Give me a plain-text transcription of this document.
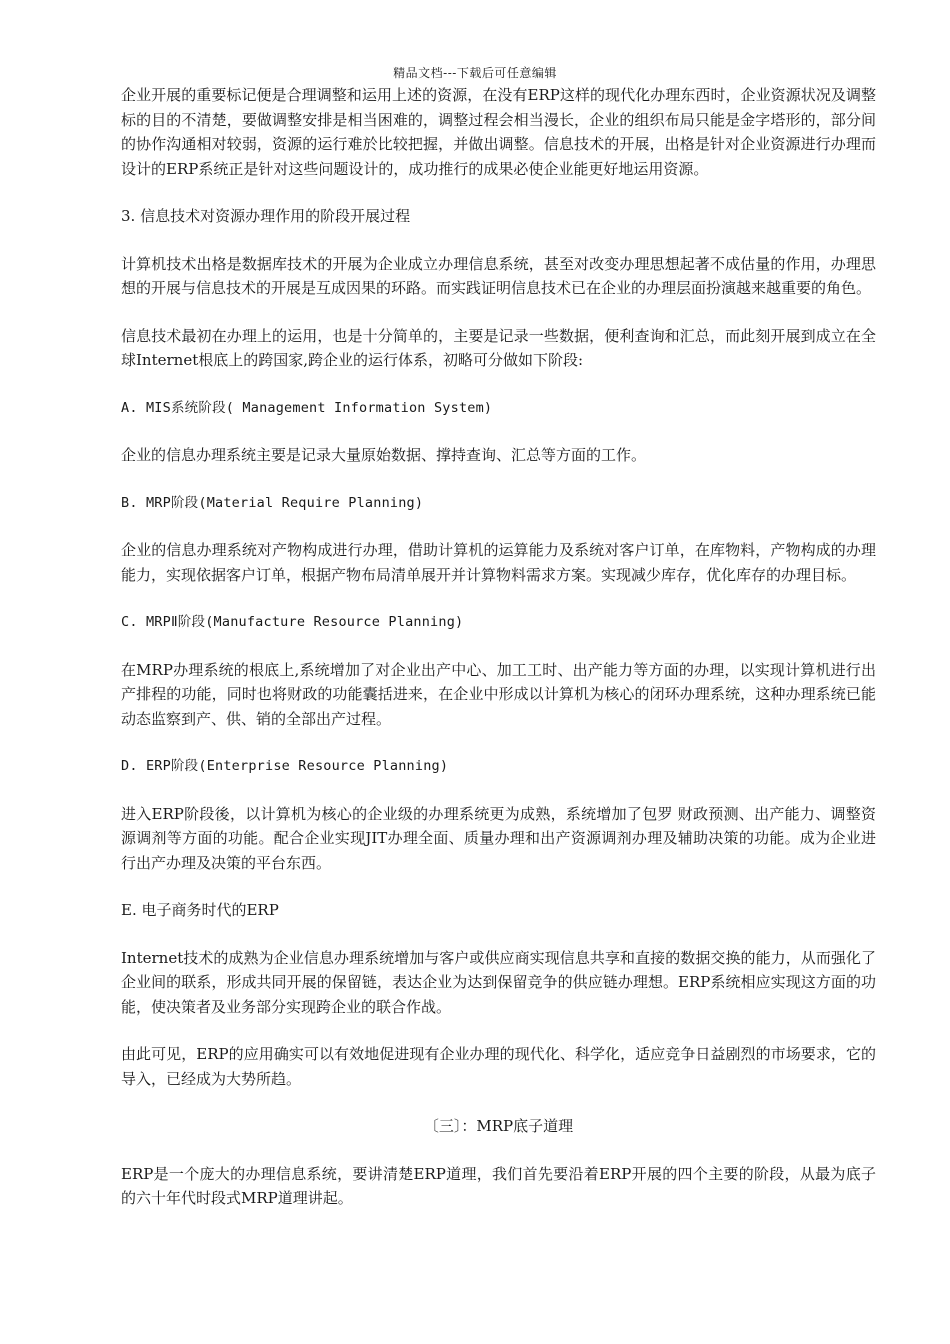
精品文档---下载后可任意编辑

企业开展的重要标记便是合理调整和运用上述的资源，在没有ERP这样的现代化办理东西时，企业资源状况及调整标的目的不清楚，要做调整安排是相当困难的，调整过程会相当漫长，企业的组织布局只能是金字塔形的，部分间的协作沟通相对较弱，资源的运行难於比较把握，并做出调整。信息技术的开展，出格是针对企业资源进行办理而设计的ERP系统正是针对这些问题设计的，成功推行的成果必使企业能更好地运用资源。

3. 信息技术对资源办理作用的阶段开展过程

计算机技术出格是数据库技术的开展为企业成立办理信息系统，甚至对改变办理思想起著不成估量的作用，办理思想的开展与信息技术的开展是互成因果的环路。而实践证明信息技术已在企业的办理层面扮演越来越重要的角色。

信息技术最初在办理上的运用，也是十分简单的，主要是记录一些数据，便利查询和汇总，而此刻开展到成立在全球Internet根底上的跨国家,跨企业的运行体系，初略可分做如下阶段:

A. MIS系统阶段( Management Information System)

企业的信息办理系统主要是记录大量原始数据、撑持查询、汇总等方面的工作。

B. MRP阶段(Material Require Planning)

企业的信息办理系统对产物构成进行办理，借助计算机的运算能力及系统对客户订单，在库物料，产物构成的办理能力，实现依据客户订单，根据产物布局清单展开并计算物料需求方案。实现减少库存，优化库存的办理目标。

C. MRPⅡ阶段(Manufacture Resource Planning)

在MRP办理系统的根底上,系统增加了对企业出产中心、加工工时、出产能力等方面的办理，以实现计算机进行出产排程的功能，同时也将财政的功能囊括进来，在企业中形成以计算机为核心的闭环办理系统，这种办理系统已能动态监察到产、供、销的全部出产过程。

D. ERP阶段(Enterprise Resource Planning)

进入ERP阶段後，以计算机为核心的企业级的办理系统更为成熟，系统增加了包罗 财政预测、出产能力、调整资源调剂等方面的功能。配合企业实现JIT办理全面、质量办理和出产资源调剂办理及辅助决策的功能。成为企业进行出产办理及决策的平台东西。

E. 电子商务时代的ERP

Internet技术的成熟为企业信息办理系统增加与客户或供应商实现信息共享和直接的数据交换的能力，从而强化了企业间的联系，形成共同开展的保留链，表达企业为达到保留竞争的供应链办理想。ERP系统相应实现这方面的功能，使决策者及业务部分实现跨企业的联合作战。

由此可见，ERP的应用确实可以有效地促进现有企业办理的现代化、科学化，适应竞争日益剧烈的市场要求，它的导入，已经成为大势所趋。

〔三〕：MRP底子道理

ERP是一个庞大的办理信息系统，要讲清楚ERP道理，我们首先要沿着ERP开展的四个主要的阶段，从最为底子的六十年代时段式MRP道理讲起。
